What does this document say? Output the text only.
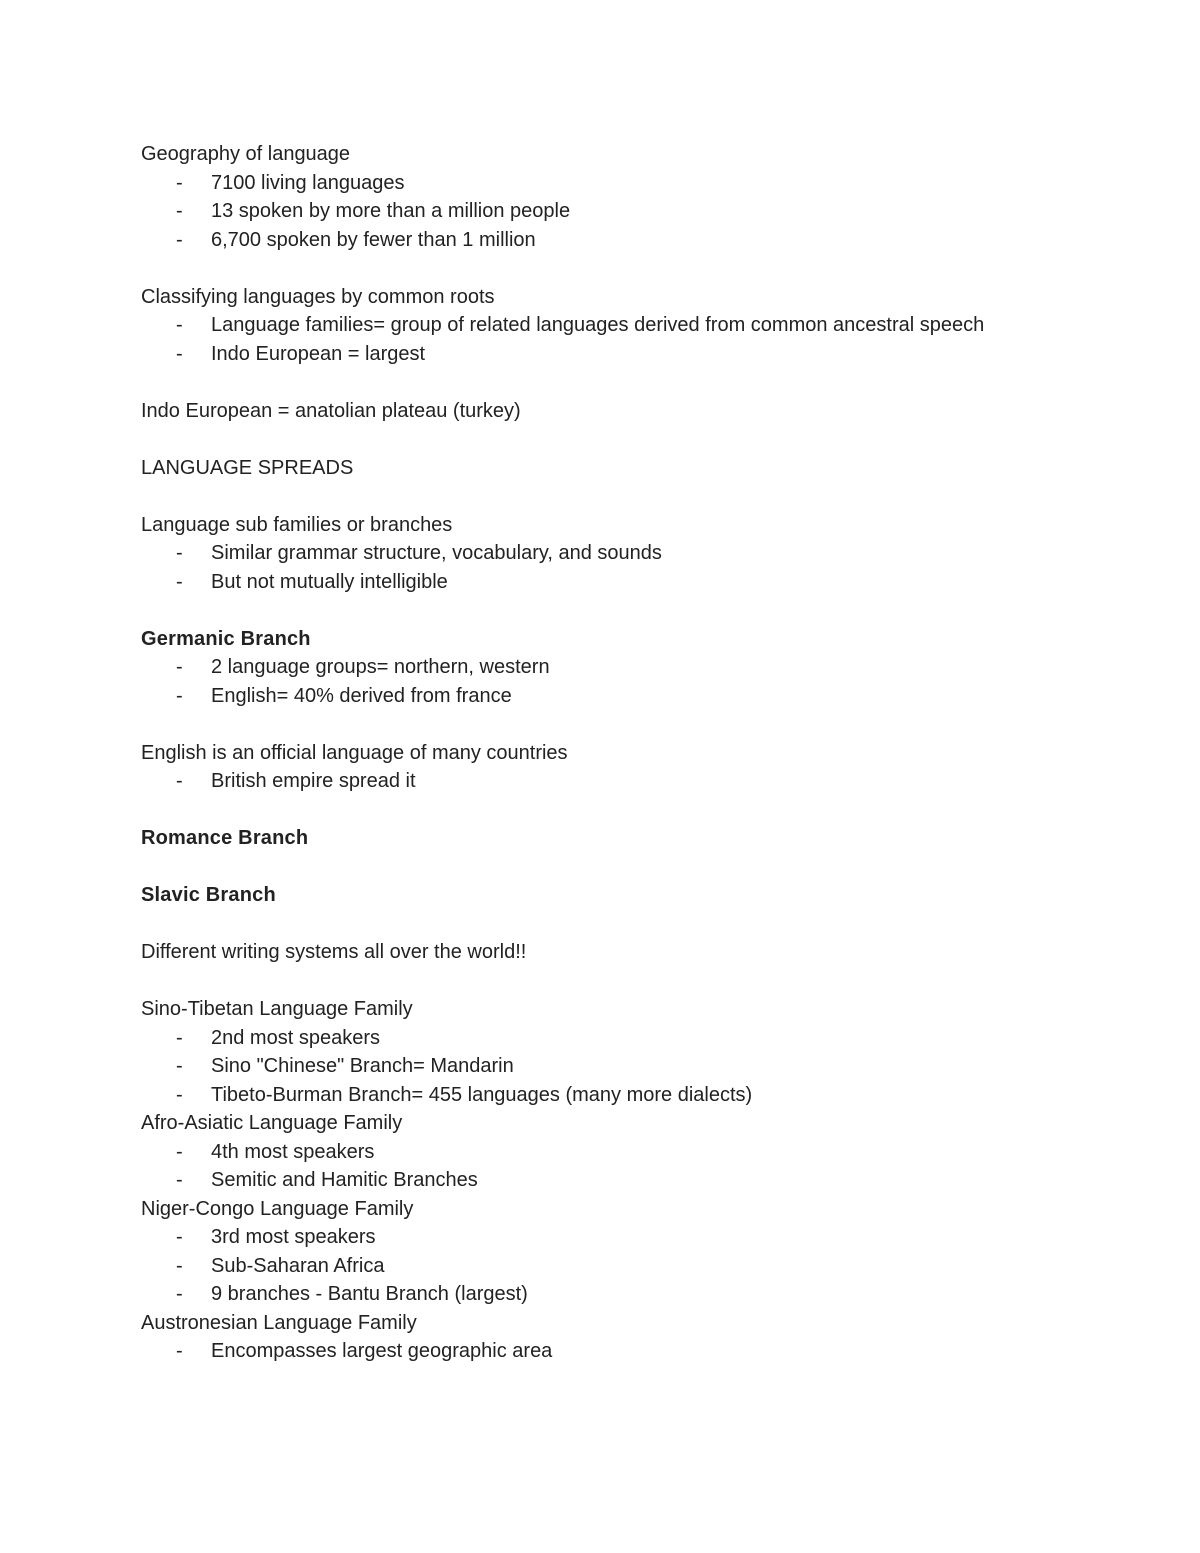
Geography of language
- 7100 living languages
- 13 spoken by more than a million people
- 6,700 spoken by fewer than 1 million
Classifying languages by common roots
- Language families= group of related languages derived from common ancestral speech
- Indo European = largest
Indo European = anatolian plateau (turkey)
LANGUAGE SPREADS
Language sub families or branches
- Similar grammar structure, vocabulary, and sounds
- But not mutually intelligible
Germanic Branch
- 2 language groups= northern, western
- English= 40% derived from france
English is an official language of many countries
- British empire spread it
Romance Branch
Slavic Branch
Different writing systems all over the world!!
Sino-Tibetan Language Family
- 2nd most speakers
- Sino "Chinese" Branch= Mandarin
- Tibeto-Burman Branch= 455 languages (many more dialects)
Afro-Asiatic Language Family
- 4th most speakers
- Semitic and Hamitic Branches
Niger-Congo Language Family
- 3rd most speakers
- Sub-Saharan Africa
- 9 branches - Bantu Branch (largest)
Austronesian Language Family
- Encompasses largest geographic area
